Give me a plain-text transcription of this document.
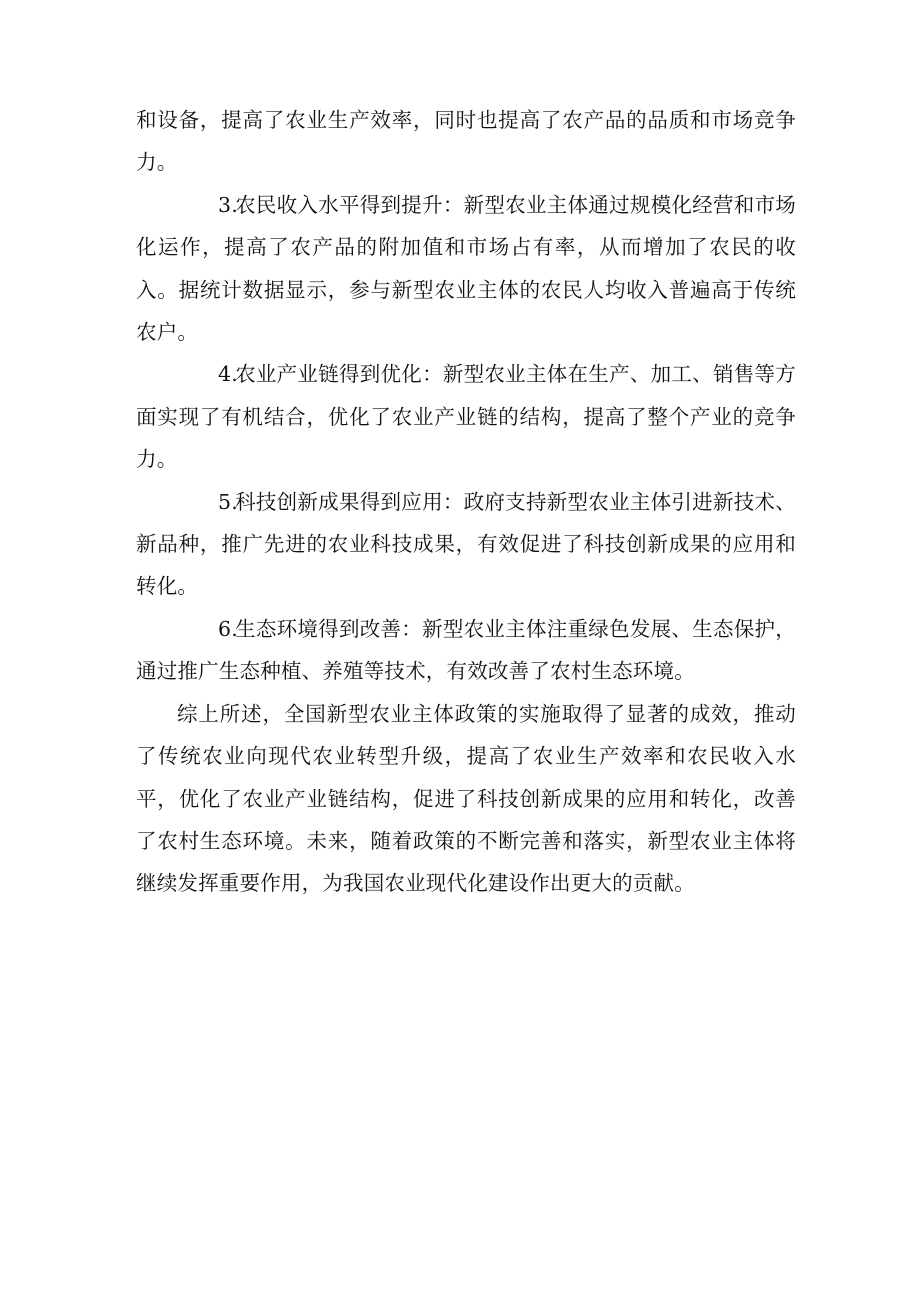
和设备，提高了农业生产效率，同时也提高了农产品的品质和市场竞争力。

3.农民收入水平得到提升：新型农业主体通过规模化经营和市场化运作，提高了农产品的附加值和市场占有率，从而增加了农民的收入。据统计数据显示，参与新型农业主体的农民人均收入普遍高于传统农户。

4.农业产业链得到优化：新型农业主体在生产、加工、销售等方面实现了有机结合，优化了农业产业链的结构，提高了整个产业的竞争力。

5.科技创新成果得到应用：政府支持新型农业主体引进新技术、新品种，推广先进的农业科技成果，有效促进了科技创新成果的应用和转化。

6.生态环境得到改善：新型农业主体注重绿色发展、生态保护，通过推广生态种植、养殖等技术，有效改善了农村生态环境。

综上所述，全国新型农业主体政策的实施取得了显著的成效，推动了传统农业向现代农业转型升级，提高了农业生产效率和农民收入水平，优化了农业产业链结构，促进了科技创新成果的应用和转化，改善了农村生态环境。未来，随着政策的不断完善和落实，新型农业主体将继续发挥重要作用，为我国农业现代化建设作出更大的贡献。
